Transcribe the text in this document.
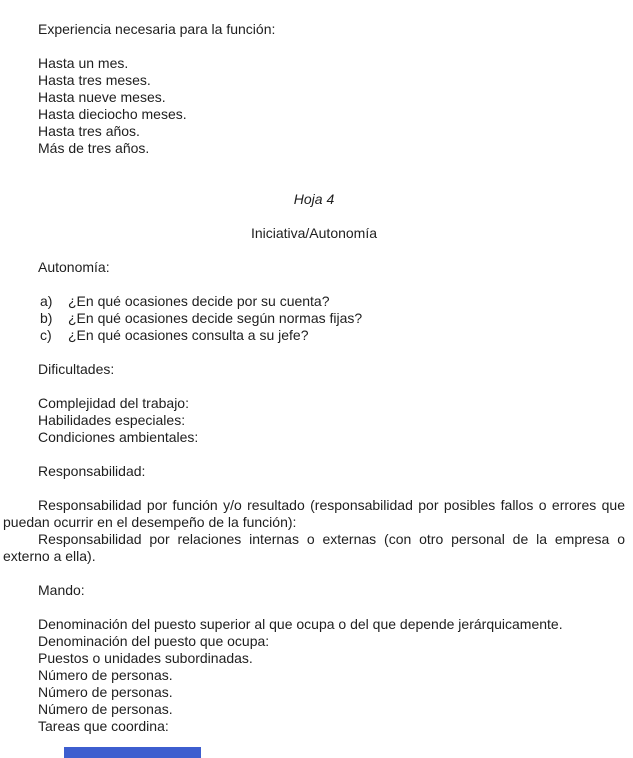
Experiencia necesaria para la función:

Hasta un mes.

Hasta tres meses.

Hasta nueve meses.

Hasta dieciocho meses.

Hasta tres años.

Más de tres años.

Hoja 4

Iniciativa/Autonomía

Autonomía:

a) ¿En qué ocasiones decide por su cuenta?

b) ¿En qué ocasiones decide según normas fijas?

c) ¿En qué ocasiones consulta a su jefe?

Dificultades:

Complejidad del trabajo:

Habilidades especiales:

Condiciones ambientales:

Responsabilidad:

Responsabilidad por función y/o resultado (responsabilidad por posibles fallos o errores que puedan ocurrir en el desempeño de la función):

Responsabilidad por relaciones internas o externas (con otro personal de la empresa o externo a ella).

Mando:

Denominación del puesto superior al que ocupa o del que depende jerárquicamente.

Denominación del puesto que ocupa:

Puestos o unidades subordinadas.

Número de personas.

Número de personas.

Número de personas.

Tareas que coordina:
